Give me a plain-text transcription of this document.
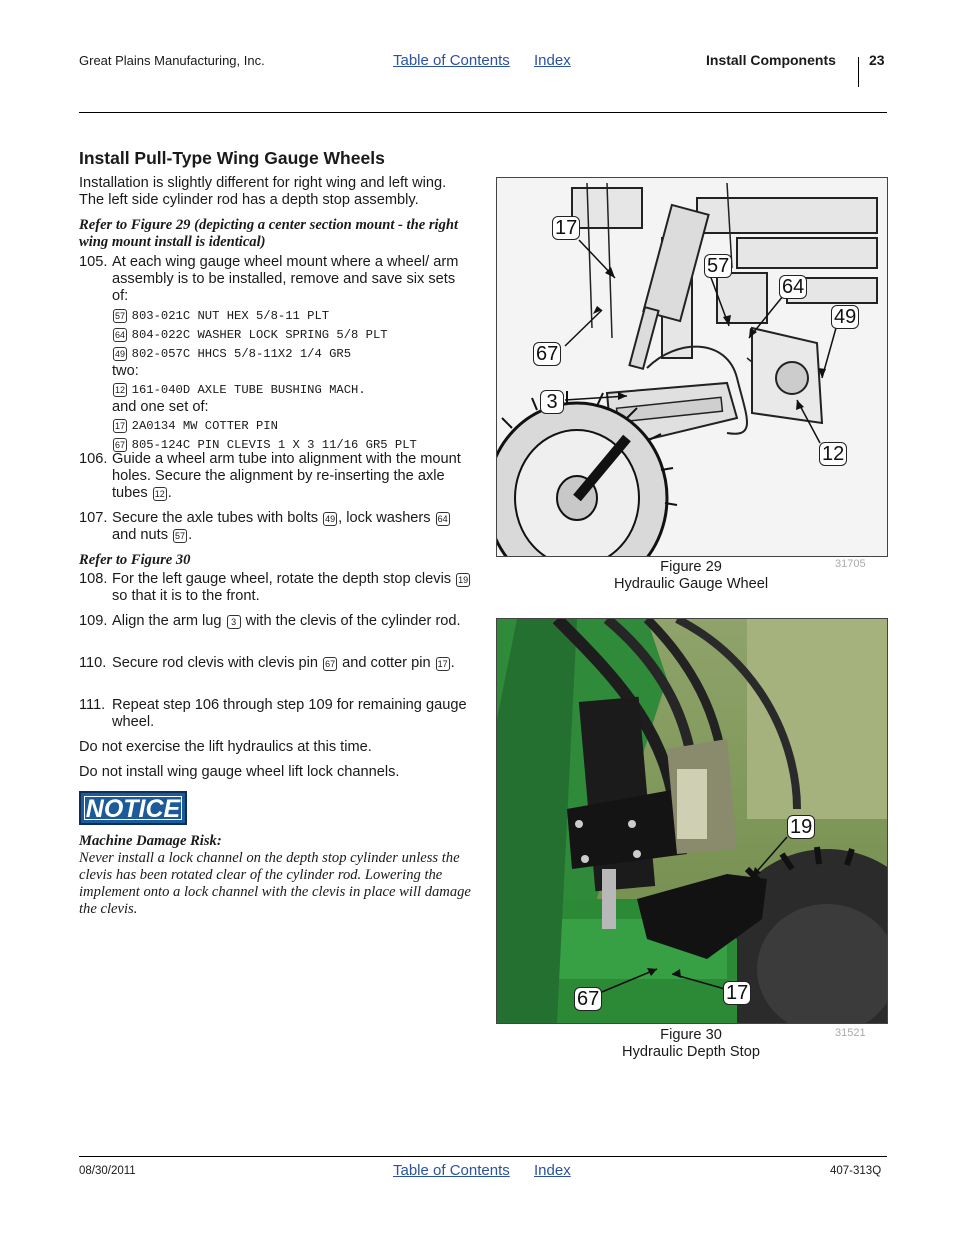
Great Plains Manufacturing, Inc.	Table of Contents Index	Install Components 23
Install Pull-Type Wing Gauge Wheels
Installation is slightly different for right wing and left wing. The left side cylinder rod has a depth stop assembly.
Refer to Figure 29 (depicting a center section mount - the right wing mount install is identical)
105. At each wing gauge wheel mount where a wheel/ arm assembly is to be installed, remove and save six sets of:
57 803-021C NUT HEX 5/8-11 PLT
64 804-022C WASHER LOCK SPRING 5/8 PLT
49 802-057C HHCS 5/8-11X2 1/4 GR5
two:
12 161-040D AXLE TUBE BUSHING MACH.
and one set of:
17 2A0134 MW COTTER PIN
67 805-124C PIN CLEVIS 1 X 3 11/16 GR5 PLT
106. Guide a wheel arm tube into alignment with the mount holes. Secure the alignment by re-inserting the axle tubes 12 .
107. Secure the axle tubes with bolts 49 , lock washers 64 and nuts 57 .
Refer to Figure 30
108. For the left gauge wheel, rotate the depth stop clevis 19 so that it is to the front.
109. Align the arm lug 3 with the clevis of the cylinder rod.
110. Secure rod clevis with clevis pin 67 and cotter pin 17 .
111. Repeat step 106 through step 109 for remaining gauge wheel.
Do not exercise the lift hydraulics at this time.
Do not install wing gauge wheel lift lock channels.
NOTICE
Machine Damage Risk:
Never install a lock channel on the depth stop cylinder unless the clevis has been rotated clear of the cylinder rod. Lowering the implement onto a lock channel with the clevis in place will damage the clevis.
17
57
64
49
67
3
12
Figure 29
Hydraulic Gauge Wheel
31705
19
67	17
Figure 30
Hydraulic Depth Stop
31521
08/30/2011	Table of Contents Index	407-313Q
